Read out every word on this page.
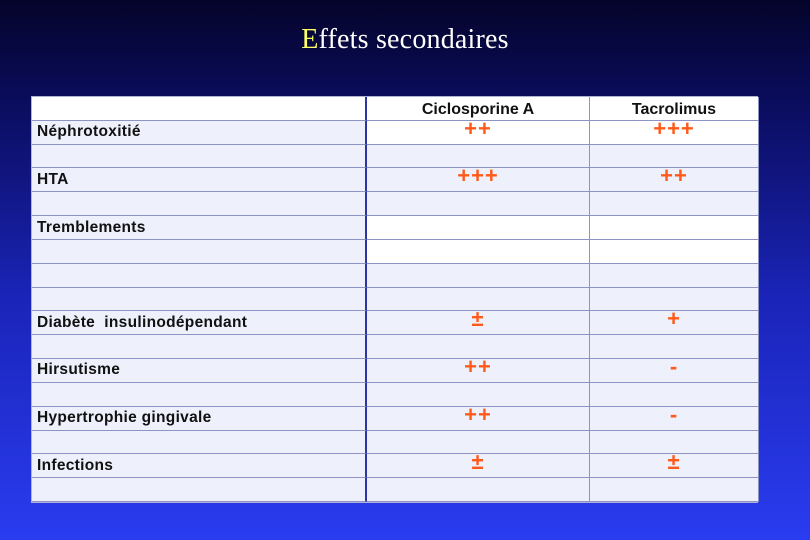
Effets secondaires
Ciclosporine A	Tacrolimus
Néphrotoxitié	++	+++
HTA	+++	++
Tremblements
Diabète  insulinodépendant	±	+
Hirsutisme	++	-
Hypertrophie gingivale	++	-
Infections	±	±
